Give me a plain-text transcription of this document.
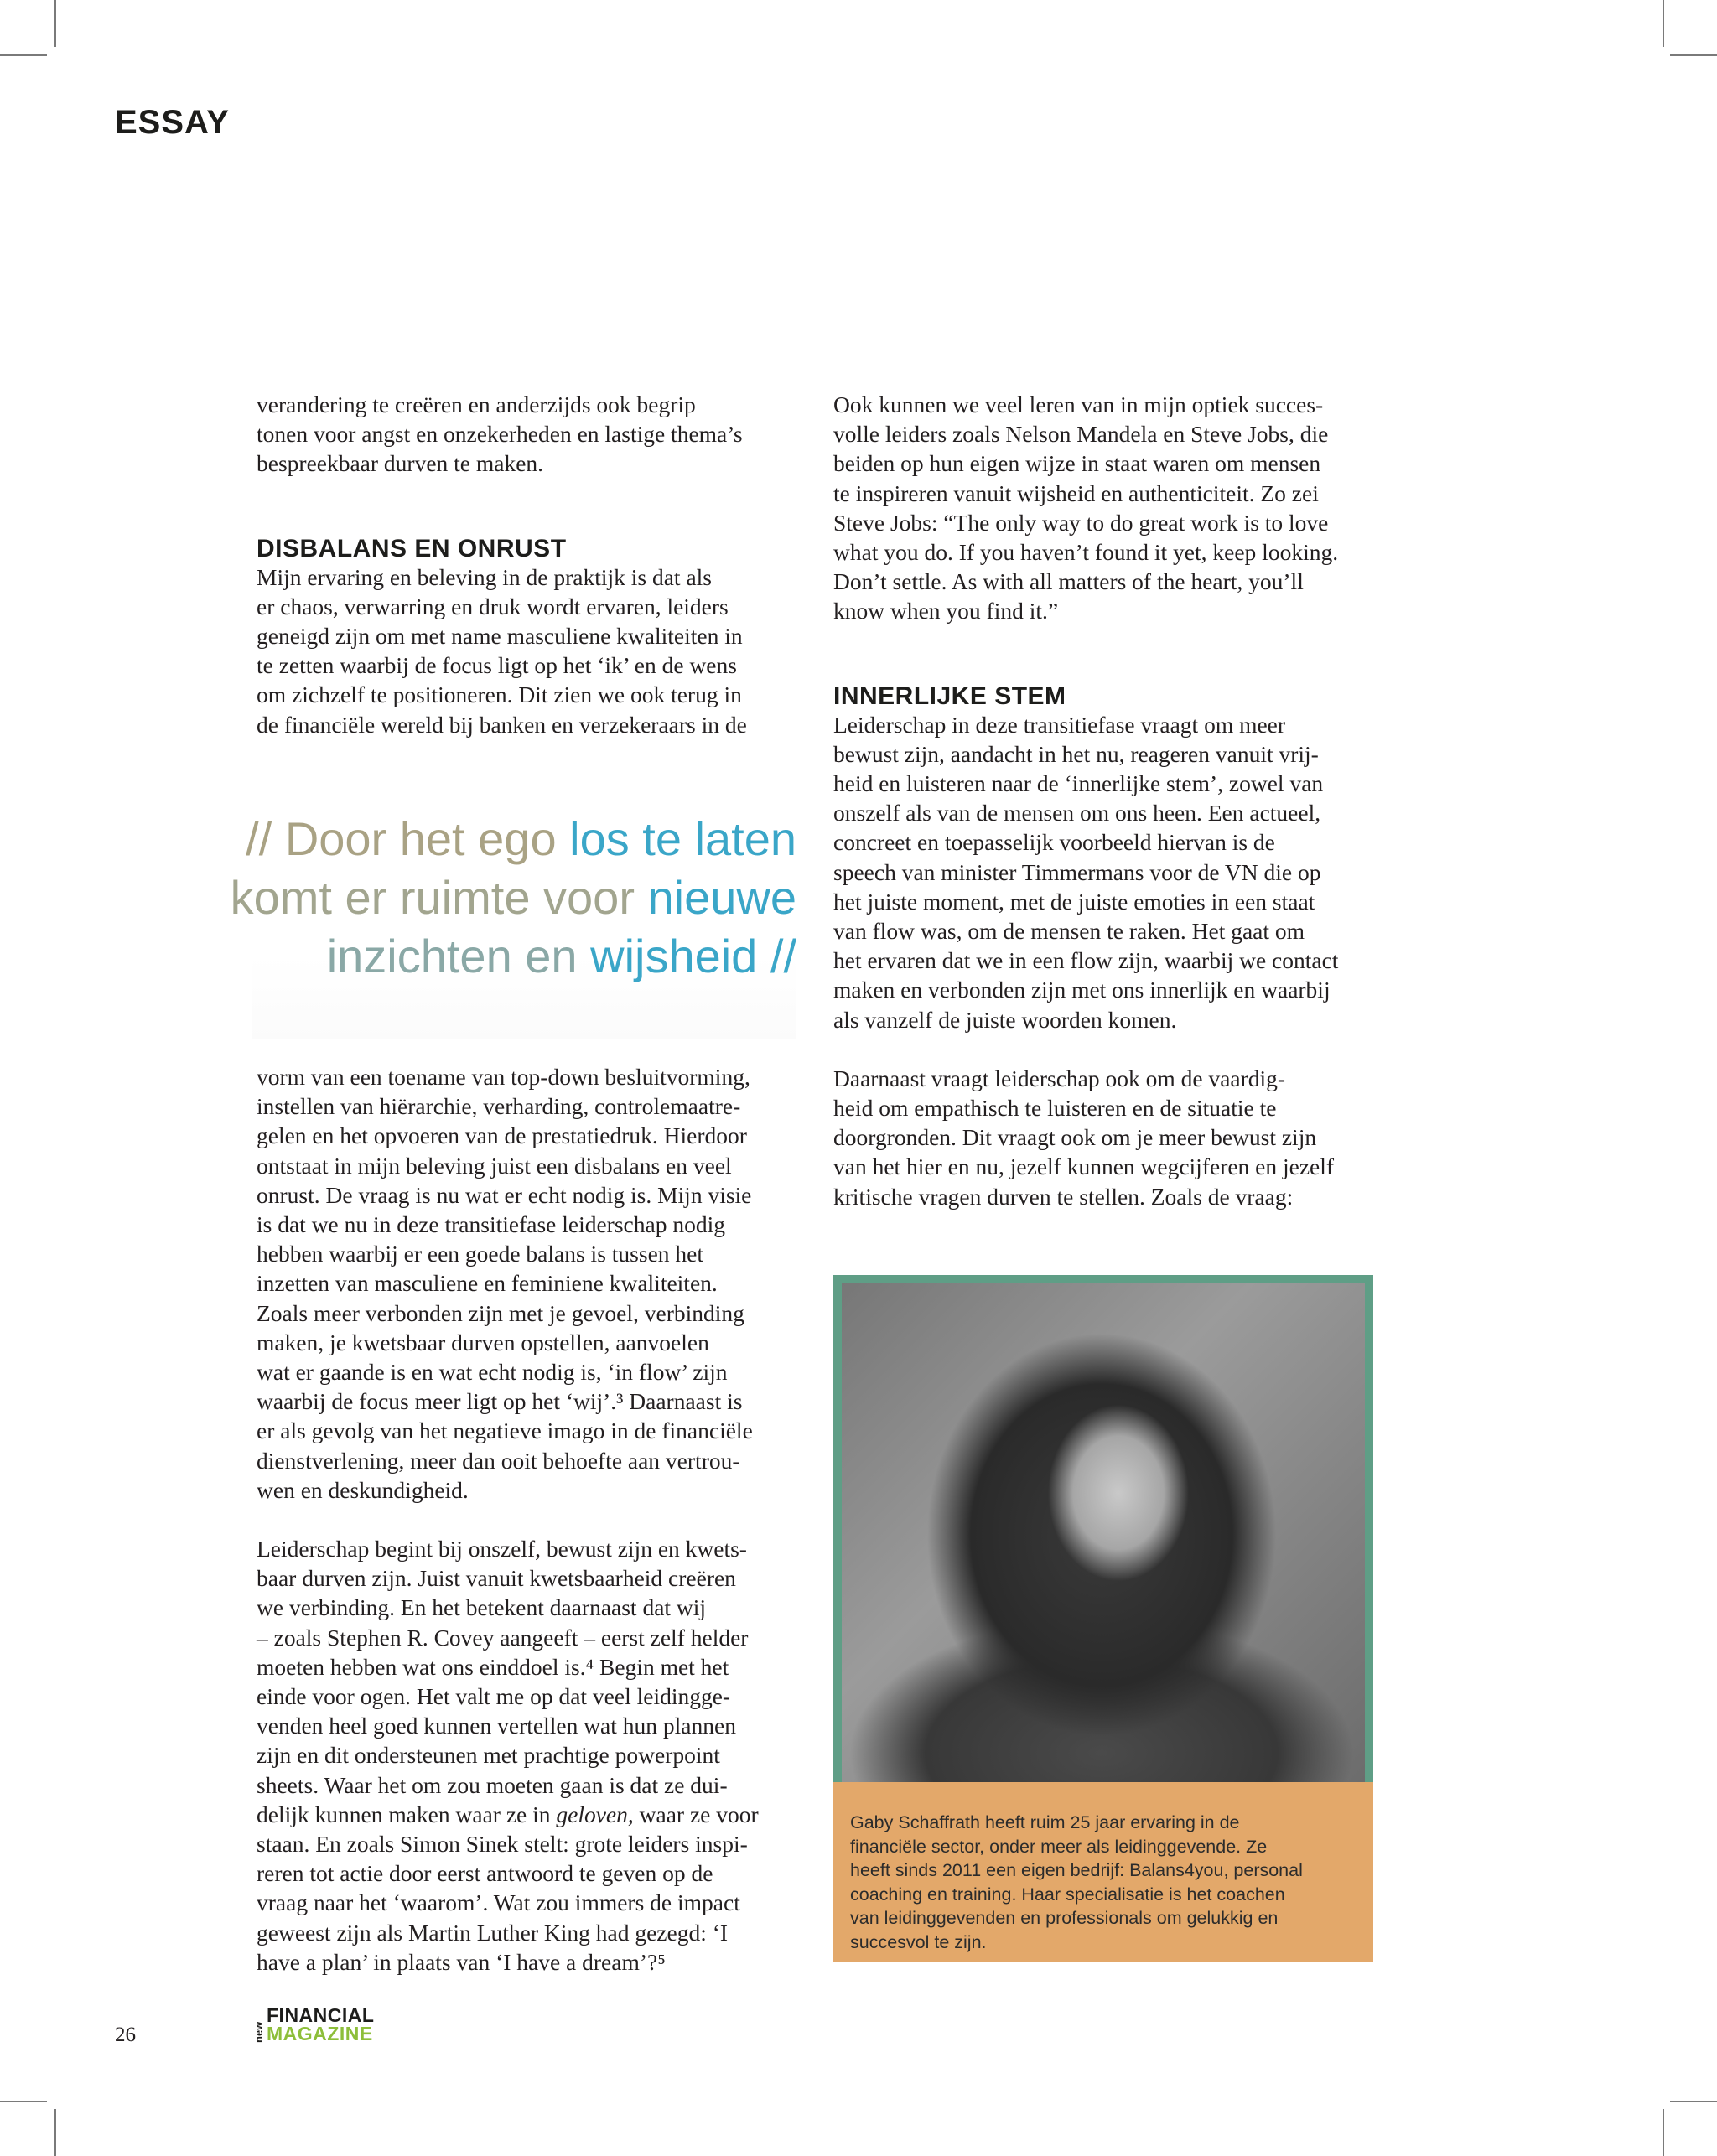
ESSAY

verandering te creëren en anderzijds ook begrip
tonen voor angst en onzekerheden en lastige thema’s
bespreekbaar durven te maken.

DISBALANS EN ONRUST

Mijn ervaring en beleving in de praktijk is dat als
er chaos, verwarring en druk wordt ervaren, leiders
geneigd zijn om met name masculiene kwaliteiten in
te zetten waarbij de focus ligt op het ‘ik’ en de wens
om zichzelf te positioneren. Dit zien we ook terug in
de financiële wereld bij banken en verzekeraars in de

// Door het ego los te laten
komt er ruimte voor nieuwe
inzichten en wijsheid //

vorm van een toename van top-down besluitvorming,
instellen van hiërarchie, verharding, controlemaatre-
gelen en het opvoeren van de prestatiedruk. Hierdoor
ontstaat in mijn beleving juist een disbalans en veel
onrust. De vraag is nu wat er echt nodig is. Mijn visie
is dat we nu in deze transitiefase leiderschap nodig
hebben waarbij er een goede balans is tussen het
inzetten van masculiene en feminiene kwaliteiten.
Zoals meer verbonden zijn met je gevoel, verbinding
maken, je kwetsbaar durven opstellen, aanvoelen
wat er gaande is en wat echt nodig is, ‘in flow’ zijn
waarbij de focus meer ligt op het ‘wij’.³ Daarnaast is
er als gevolg van het negatieve imago in de financiële
dienstverlening, meer dan ooit behoefte aan vertrou-
wen en deskundigheid.

Leiderschap begint bij onszelf, bewust zijn en kwets-
baar durven zijn. Juist vanuit kwetsbaarheid creëren
we verbinding. En het betekent daarnaast dat wij
– zoals Stephen R. Covey aangeeft – eerst zelf helder
moeten hebben wat ons einddoel is.⁴ Begin met het
einde voor ogen. Het valt me op dat veel leidingge-
venden heel goed kunnen vertellen wat hun plannen
zijn en dit ondersteunen met prachtige powerpoint
sheets. Waar het om zou moeten gaan is dat ze dui-
delijk kunnen maken waar ze in geloven, waar ze voor
staan. En zoals Simon Sinek stelt: grote leiders inspi-
reren tot actie door eerst antwoord te geven op de
vraag naar het ‘waarom’. Wat zou immers de impact
geweest zijn als Martin Luther King had gezegd: ‘I
have a plan’ in plaats van ‘I have a dream’?⁵

Ook kunnen we veel leren van in mijn optiek succes-
volle leiders zoals Nelson Mandela en Steve Jobs, die
beiden op hun eigen wijze in staat waren om mensen
te inspireren vanuit wijsheid en authenticiteit. Zo zei
Steve Jobs: “The only way to do great work is to love
what you do. If you haven’t found it yet, keep looking.
Don’t settle. As with all matters of the heart, you’ll
know when you find it.”

INNERLIJKE STEM

Leiderschap in deze transitiefase vraagt om meer
bewust zijn, aandacht in het nu, reageren vanuit vrij-
heid en luisteren naar de ‘innerlijke stem’, zowel van
onszelf als van de mensen om ons heen. Een actueel,
concreet en toepasselijk voorbeeld hiervan is de
speech van minister Timmermans voor de VN die op
het juiste moment, met de juiste emoties in een staat
van flow was, om de mensen te raken. Het gaat om
het ervaren dat we in een flow zijn, waarbij we contact
maken en verbonden zijn met ons innerlijk en waarbij
als vanzelf de juiste woorden komen.

Daarnaast vraagt leiderschap ook om de vaardig-
heid om empathisch te luisteren en de situatie te
doorgronden. Dit vraagt ook om je meer bewust zijn
van het hier en nu, jezelf kunnen wegcijferen en jezelf
kritische vragen durven te stellen. Zoals de vraag:

Gaby Schaffrath heeft ruim 25 jaar ervaring in de
financiële sector, onder meer als leidinggevende. Ze
heeft sinds 2011 een eigen bedrijf: Balans4you, personal
coaching en training. Haar specialisatie is het coachen
van leidinggevenden en professionals om gelukkig en
succesvol te zijn.
26	new
FINANCIAL
MAGAZINE
